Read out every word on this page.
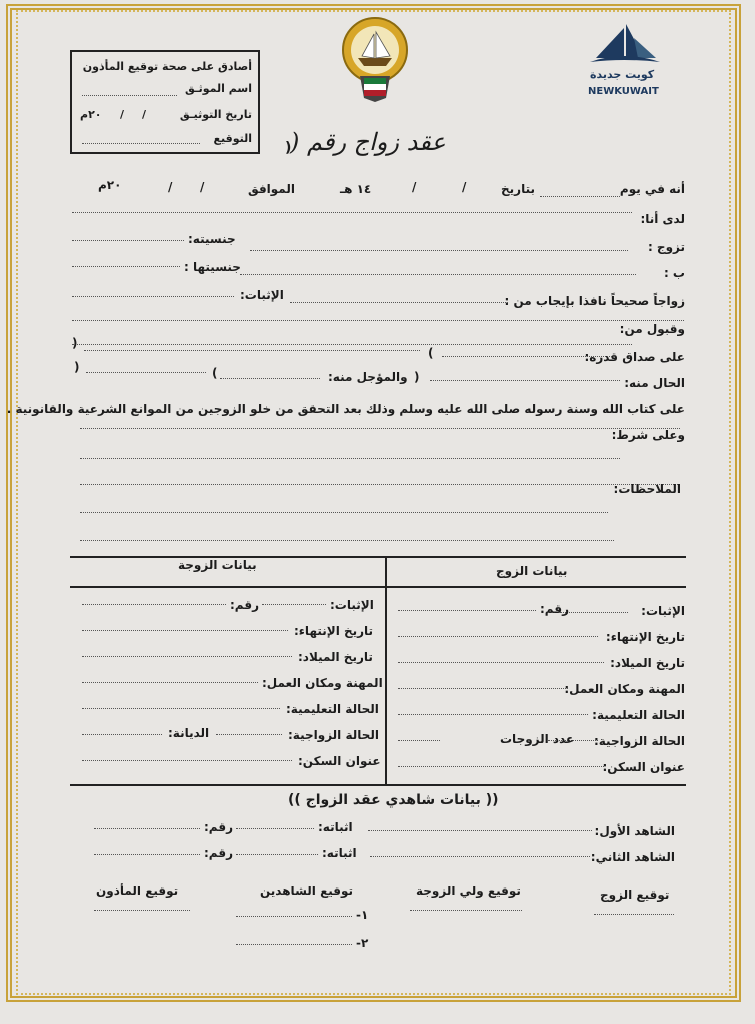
كويت جديدة
NEWKUWAIT
أصادق على صحة توقيع المأذون
اسم الموثـق
تاريخ التوثيـق
/
/
٢٠م
التوقيع عقد زواج رقم (
)
أنه في يوم
بتاريخ
/
/
١٤ هـ
الموافق
/
/
٢٠م
لدى أنا:
تزوج :
جنسيته:
ب :
جنسيتها :
زواجاً صحيحاً نافذا بإيجاب من :
الإثبات:
وقبول من:
على صداق قدره:
(
)
الحال منه:
والمؤجل منه: )
(
)
على كتاب الله وسنة رسوله صلى الله عليه وسلم وذلك بعد التحقق من خلو الزوجين من الموانع الشرعية والقانونية .
وعلى شرط:
الملاحظات:
بيانات الزوج
بيانات الزوجة
الإثبات:
رقم:
تاريخ الإنتهاء:
تاريخ الميلاد:
المهنة ومكان العمل:
الحالة التعليمية:
الحالة الزواجية:
عدد الزوجات
عنوان السكن:
الإثبات:
رقم:
تاريخ الإنتهاء:
تاريخ الميلاد:
المهنة ومكان العمل:
الحالة التعليمية:
الحالة الزواجية:
الديانة:
عنوان السكن:
(( بيانات شاهدي عقد الزواج ))
الشاهد الأول:
اثباته:
رقم:
الشاهد الثاني:
اثباته:
رقم:
توقيع الزوج
توقيع ولي الزوجة
توقيع الشاهدين
-١
-٢
توقيع المأذون
